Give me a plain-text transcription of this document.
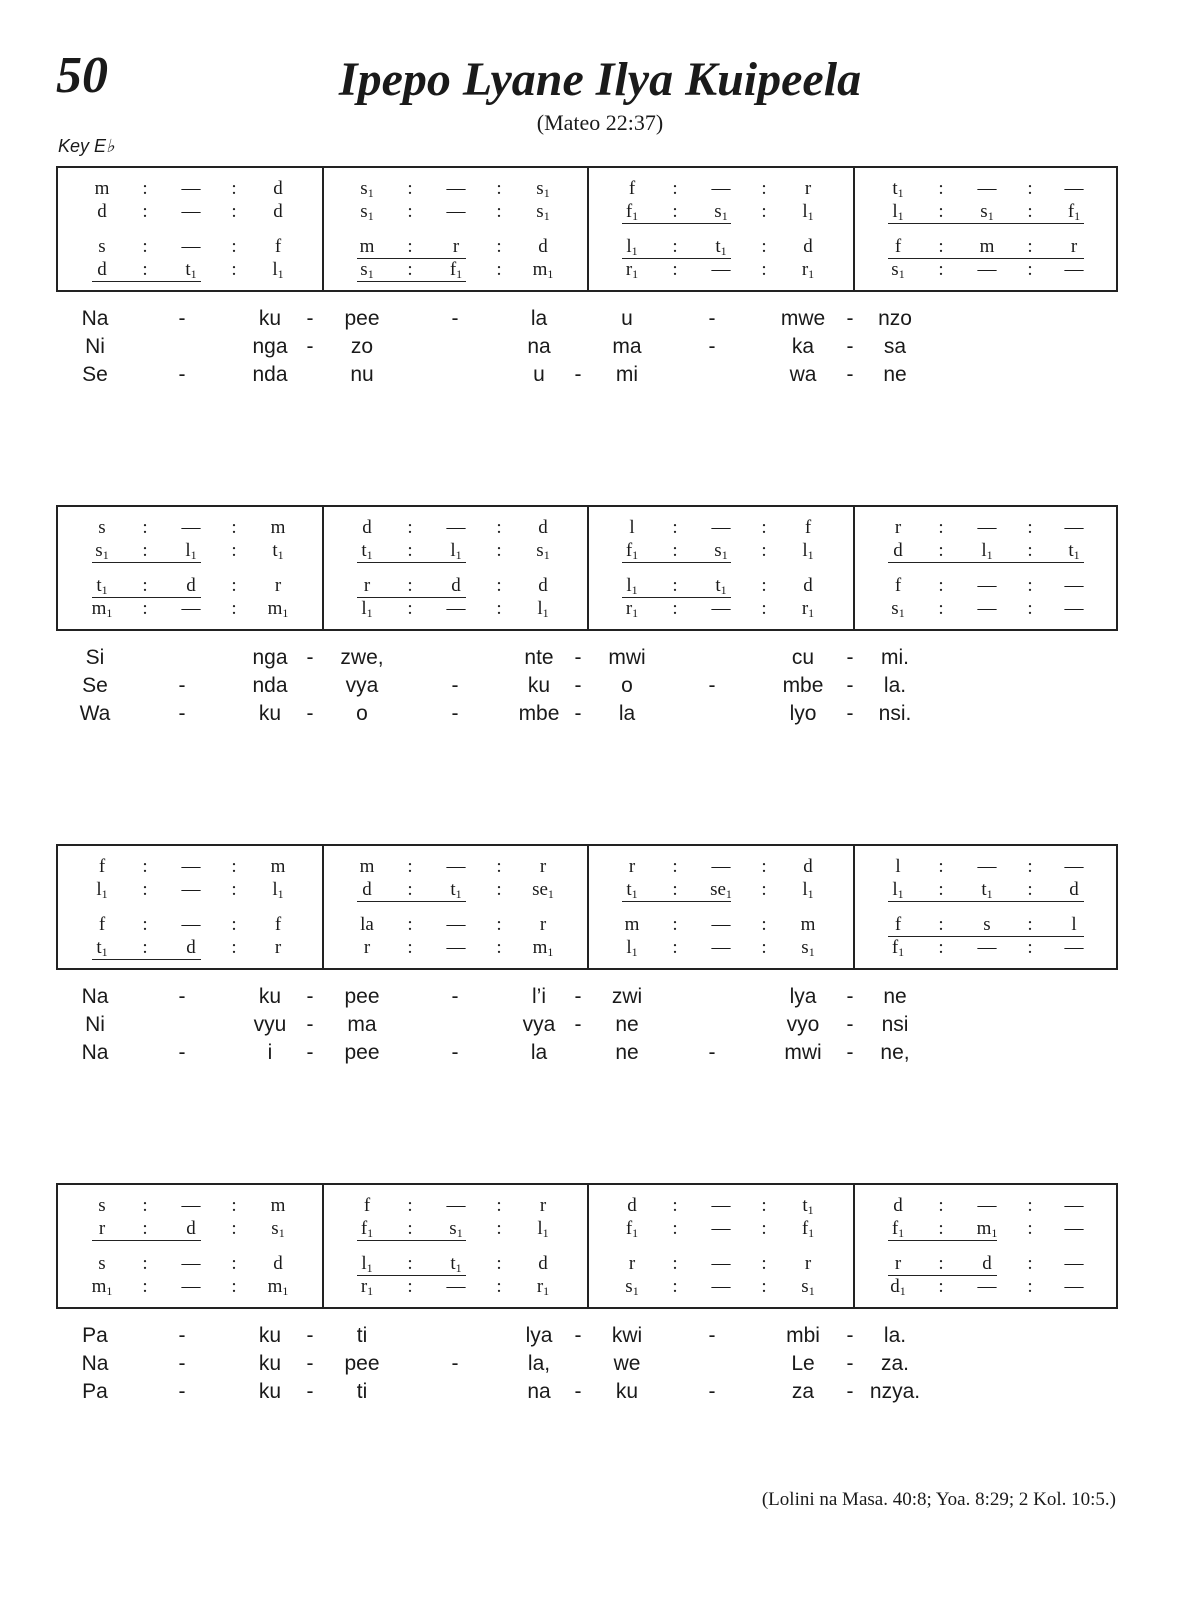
50	Ipepo Lyane Ilya Kuipeela
(Mateo 22:37)
Key E♭
m	:	—	:	d
d	:	—	:	d
s	:	—	:	f
d	:	$t_1$	:	$l_1$
$s_1$	:	—	:	$s_1$
$s_1$	:	—	:	$s_1$
m	:	r	:	d
$s_1$	:	$f_1$	:	$m_1$
f	:	—	:	r
$f_1$	:	$s_1$	:	$l_1$
$l_1$	:	$t_1$	:	d
$r_1$	:	—	:	$r_1$
$t_1$	:	—	:	—
$l_1$	:	$s_1$	:	$f_1$
f	:	m	:	r
$s_1$	:	—	:	—
Na	-	ku	-	pee	-	la	u	-	mwe	-	nzo
Ni	nga -	zo	na	ma	-	ka	-	sa
Se	-	nda	nu	u	-	mi	wa	-	ne
s	:	—	:	m
$s_1$	:	$l_1$	:	$t_1$
$t_1$	:	d	:	r
$m_1$	:	—	:	$m_1$
d	:	—	:	d
$t_1$	:	$l_1$	:	$s_1$
r	:	d	:	d
$l_1$	:	—	:	$l_1$
l	:	—	:	f
$f_1$	:	$s_1$	:	$l_1$
$l_1$	:	$t_1$	:	d
$r_1$	:	—	:	$r_1$
r	:	—	:	—
d	:	$l_1$	:	$t_1$
f	:	—	:	—
$s_1$	:	—	:	—
Si	nga -	zwe,	nte -	mwi	cu	-	mi.
Se	-	nda	vya	-	ku	-	o	-	mbe	-	la.
Wa	-	ku	-	o	-	mbe -	la	lyo	-	nsi.
f	:	—	:	m
$l_1$	:	—	:	$l_1$
f	:	—	:	f
$t_1$	:	d	:	r
m	:	—	:	r
d	:	$t_1$	:	$se_1$
la	:	—	:	r
r	:	—	:	$m_1$
r	:	—	:	d
$t_1$	:	$se_1$	:	$l_1$
m	:	—	:	m
$l_1$	:	—	:	$s_1$
l	:	—	:	—
$l_1$	:	$t_1$	:	d
f	:	s	:	l
$f_1$	:	—	:	—
Na	-	ku	-	pee	-	l’i	-	zwi	lya	-	ne
Ni	vyu -	ma	vya -	ne	vyo	-	nsi
Na	-	i	-	pee	-	la	ne	-	mwi	-	ne,
s	:	—	:	m
r	:	d	:	$s_1$
s	:	—	:	d
$m_1$	:	—	:	$m_1$
f	:	—	:	r
$f_1$	:	$s_1$	:	$l_1$
$l_1$	:	$t_1$	:	d
$r_1$	:	—	:	$r_1$
d	:	—	:	$t_1$
$f_1$	:	—	:	$f_1$
r	:	—	:	r
$s_1$	:	—	:	$s_1$
d	:	—	:	—
$f_1$	:	$m_1$	:	—
r	:	d	:	—
$d_1$	:	—	:	—
Pa	-	ku	-	ti	lya	-	kwi	-	mbi	-	la.
Na	-	ku	-	pee	-	la,	we	Le	-	za.
Pa	-	ku	-	ti	na	-	ku	-	za	- nzya.
(Lolini na Masa. 40:8; Yoa. 8:29; 2 Kol. 10:5.)
